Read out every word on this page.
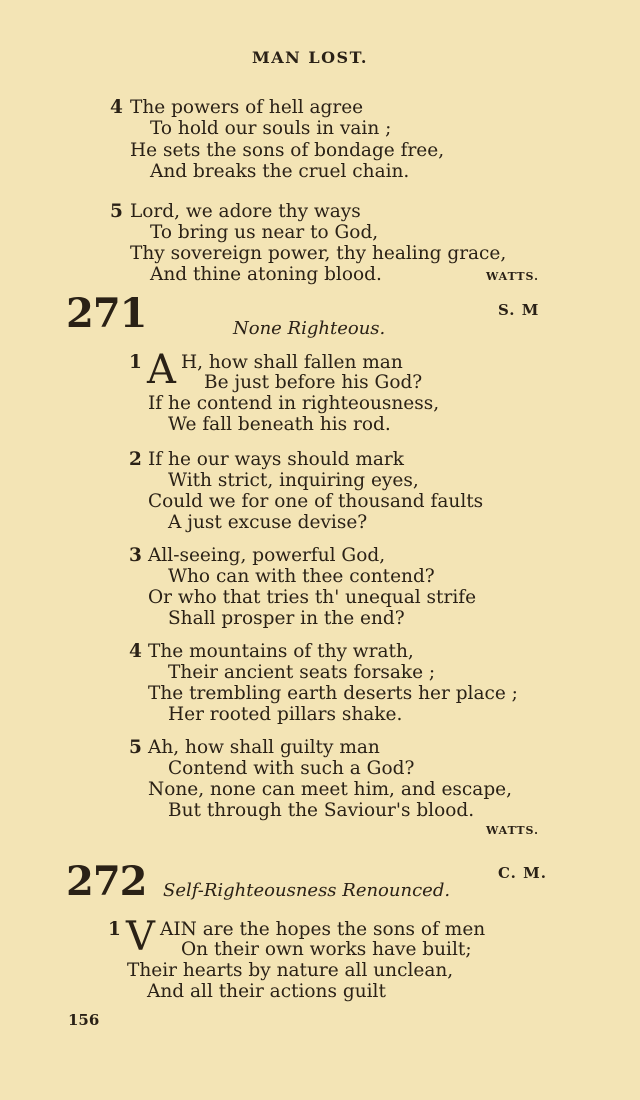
MAN LOST.
4 The powers of hell agree
To hold our souls in vain ;
He sets the sons of bondage free,
And breaks the cruel chain.
5 Lord, we adore thy ways
To bring us near to God,
Thy sovereign power, thy healing grace,
And thine atoning blood.	WATTS.
271	S. M
None Righteous.
1 A H, how shall fallen man
Be just before his God?
If he contend in righteousness,
We fall beneath his rod.
2 If he our ways should mark
With strict, inquiring eyes,
Could we for one of thousand faults
A just excuse devise?
3 All-seeing, powerful God,
Who can with thee contend?
Or who that tries th' unequal strife
Shall prosper in the end?
4 The mountains of thy wrath,
Their ancient seats forsake ;
The trembling earth deserts her place ;
Her rooted pillars shake.
5 Ah, how shall guilty man
Contend with such a God?
None, none can meet him, and escape,
But through the Saviour's blood.
WATTS.
272	C. M.
Self-Righteousness Renounced.
1 V AIN are the hopes the sons of men
On their own works have built;
Their hearts by nature all unclean,
And all their actions guilt
156
